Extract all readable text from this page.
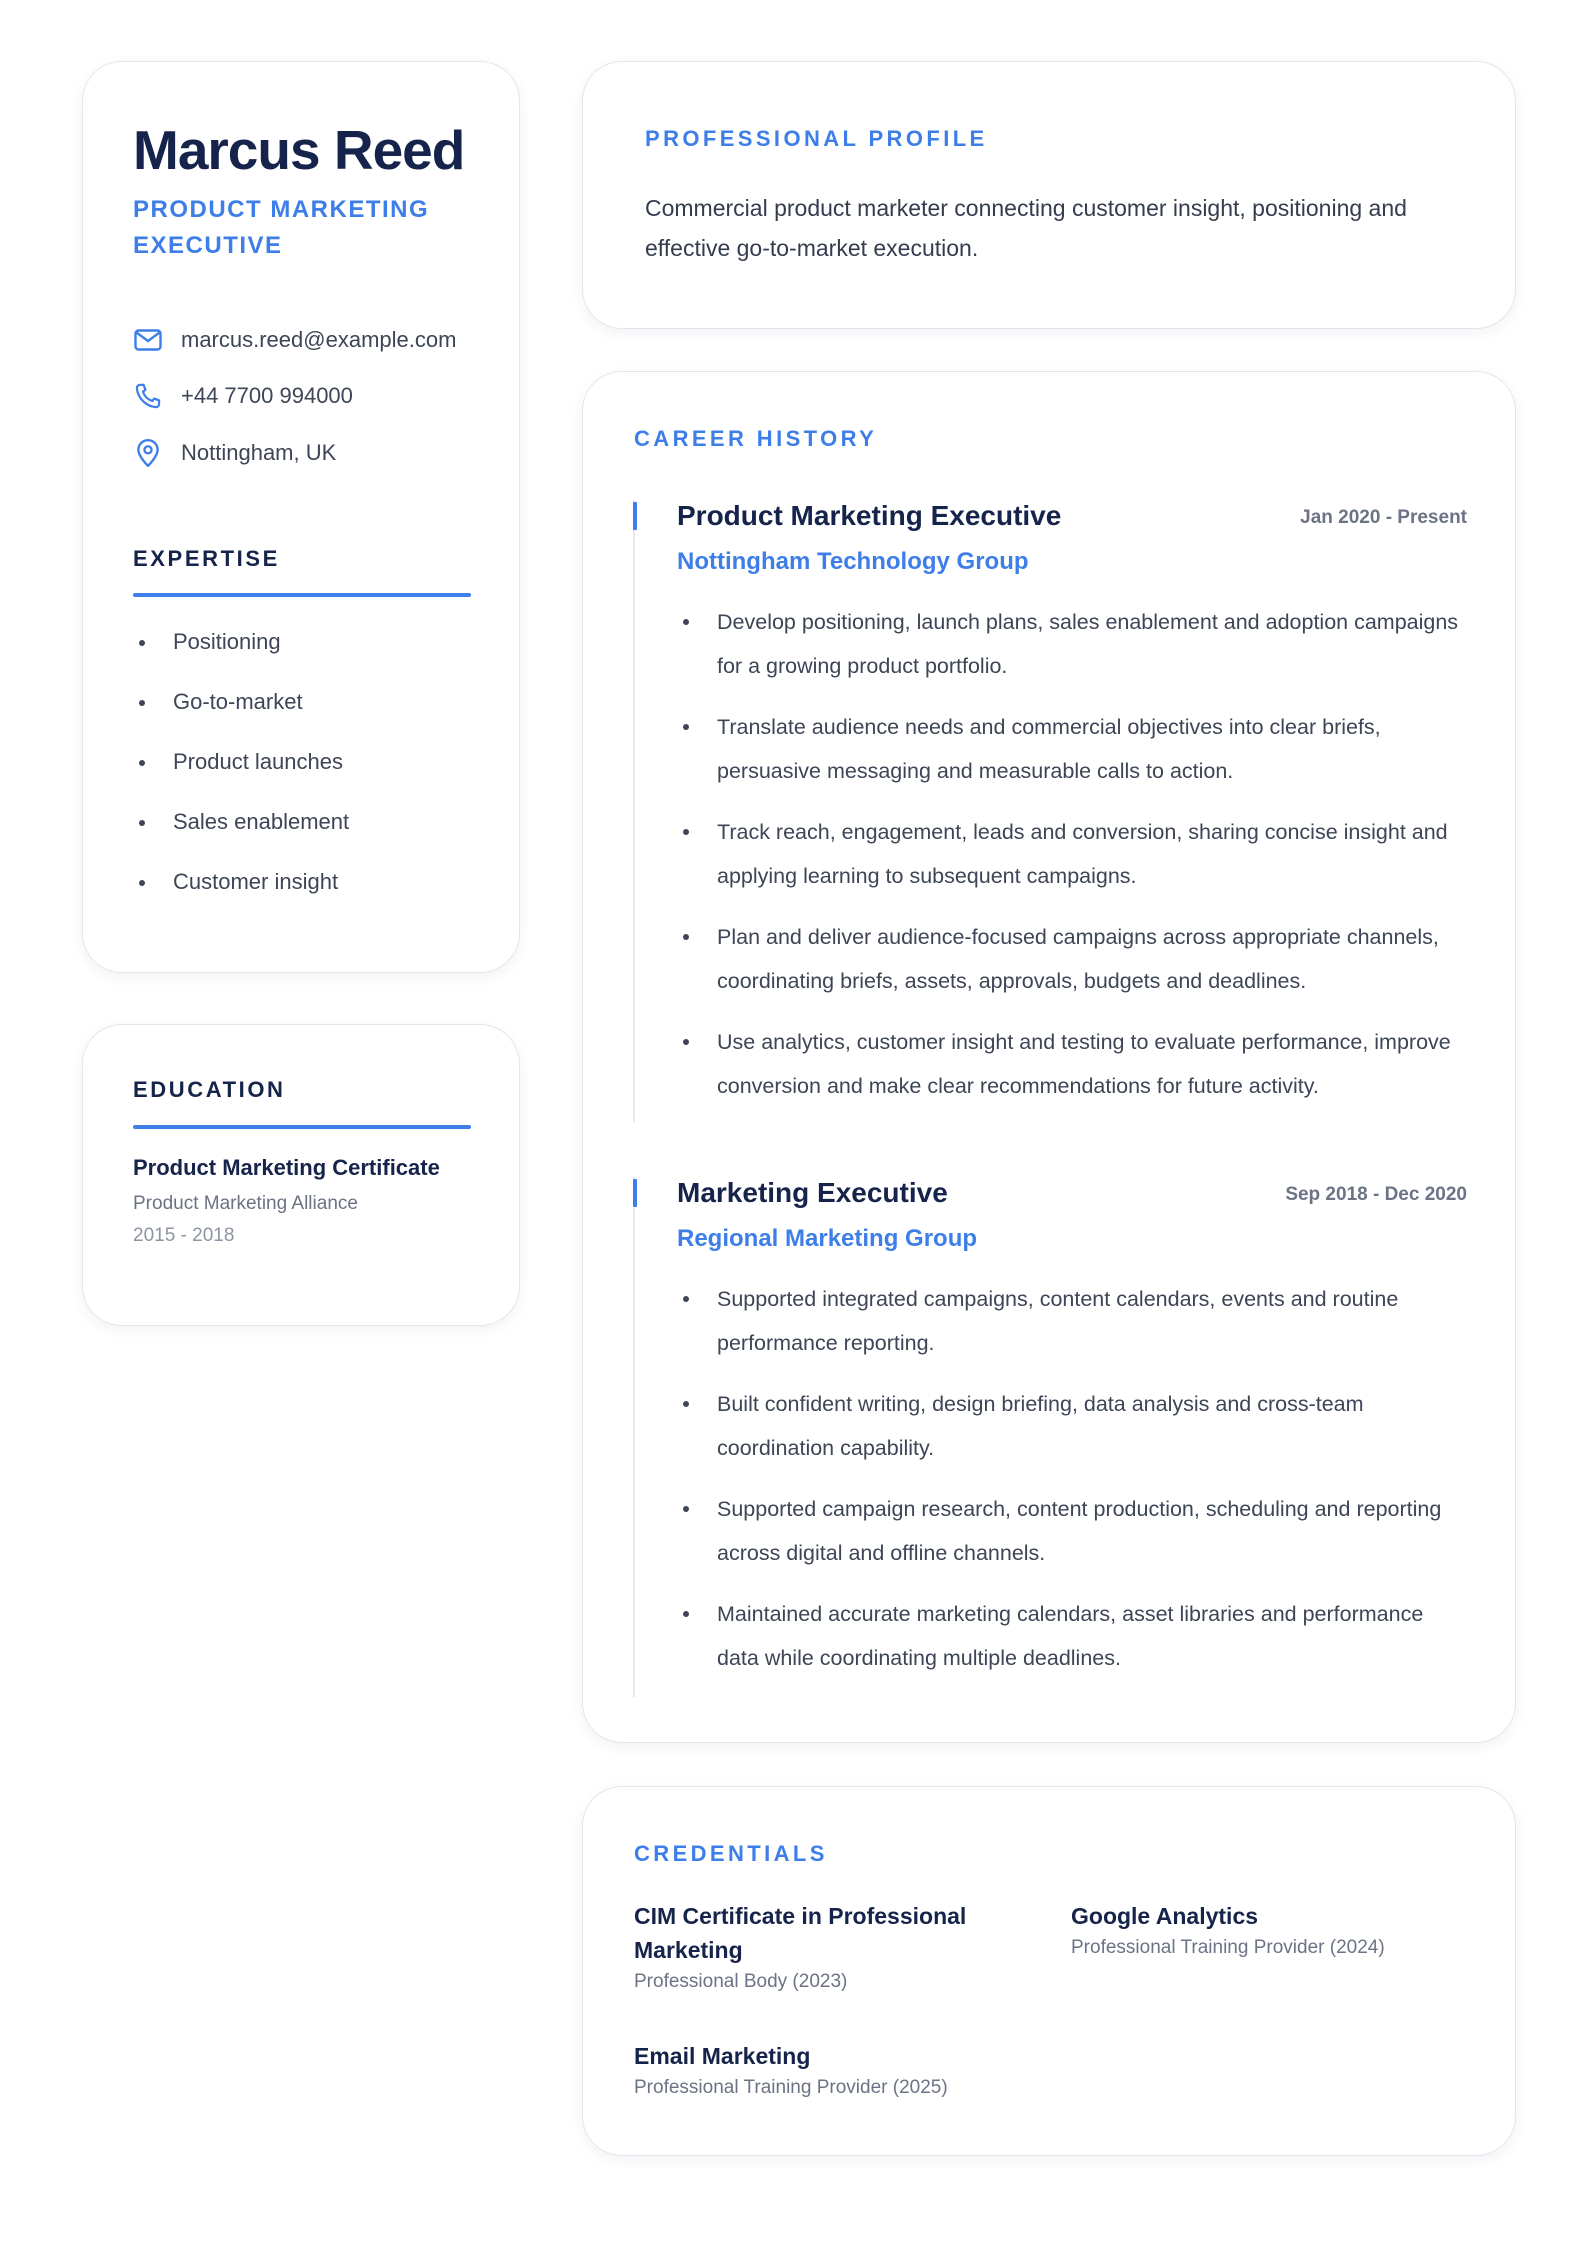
Marcus Reed
PRODUCT MARKETING EXECUTIVE
marcus.reed@example.com
+44 7700 994000
Nottingham, UK
EXPERTISE
Positioning
Go-to-market
Product launches
Sales enablement
Customer insight
EDUCATION
Product Marketing Certificate
Product Marketing Alliance
2015 - 2018
PROFESSIONAL PROFILE
Commercial product marketer connecting customer insight, positioning and effective go-to-market execution.
CAREER HISTORY
Product Marketing Executive	Jan 2020 - Present
Nottingham Technology Group
Develop positioning, launch plans, sales enablement and adoption campaigns for a growing product portfolio.
Translate audience needs and commercial objectives into clear briefs, persuasive messaging and measurable calls to action.
Track reach, engagement, leads and conversion, sharing concise insight and applying learning to subsequent campaigns.
Plan and deliver audience-focused campaigns across appropriate channels, coordinating briefs, assets, approvals, budgets and deadlines.
Use analytics, customer insight and testing to evaluate performance, improve conversion and make clear recommendations for future activity.
Marketing Executive	Sep 2018 - Dec 2020
Regional Marketing Group
Supported integrated campaigns, content calendars, events and routine performance reporting.
Built confident writing, design briefing, data analysis and cross-team coordination capability.
Supported campaign research, content production, scheduling and reporting across digital and offline channels.
Maintained accurate marketing calendars, asset libraries and performance data while coordinating multiple deadlines.
CREDENTIALS
CIM Certificate in Professional Marketing
Professional Body (2023)
Google Analytics
Professional Training Provider (2024)
Email Marketing
Professional Training Provider (2025)
